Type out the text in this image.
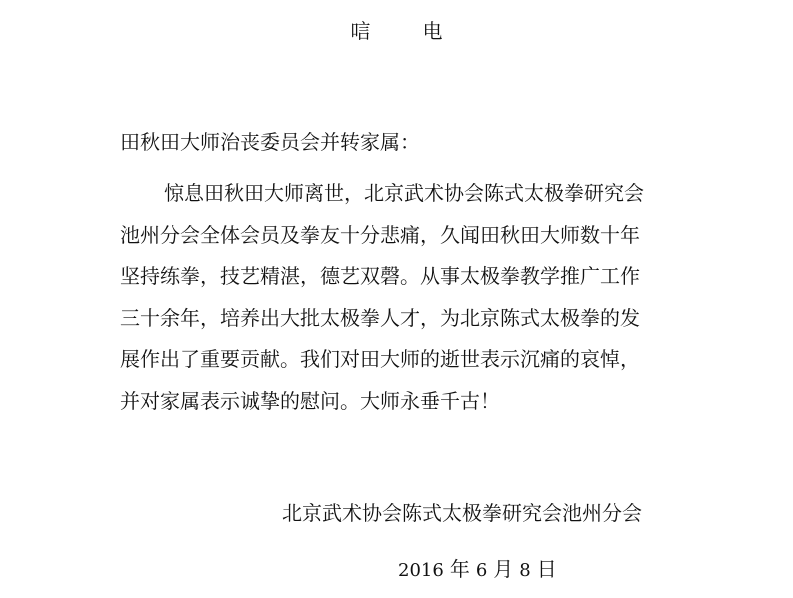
唁	电
田秋田大师治丧委员会并转家属：
惊息田秋田大师离世，北京武术协会陈式太极拳研究会
池州分会全体会员及拳友十分悲痛，久闻田秋田大师数十年
坚持练拳，技艺精湛，德艺双磬。从事太极拳教学推广工作
三十余年，培养出大批太极拳人才，为北京陈式太极拳的发
展作出了重要贡献。我们对田大师的逝世表示沉痛的哀悼，
并对家属表示诚挚的慰问。大师永垂千古！
北京武术协会陈式太极拳研究会池州分会
2016 年 6 月 8 日
